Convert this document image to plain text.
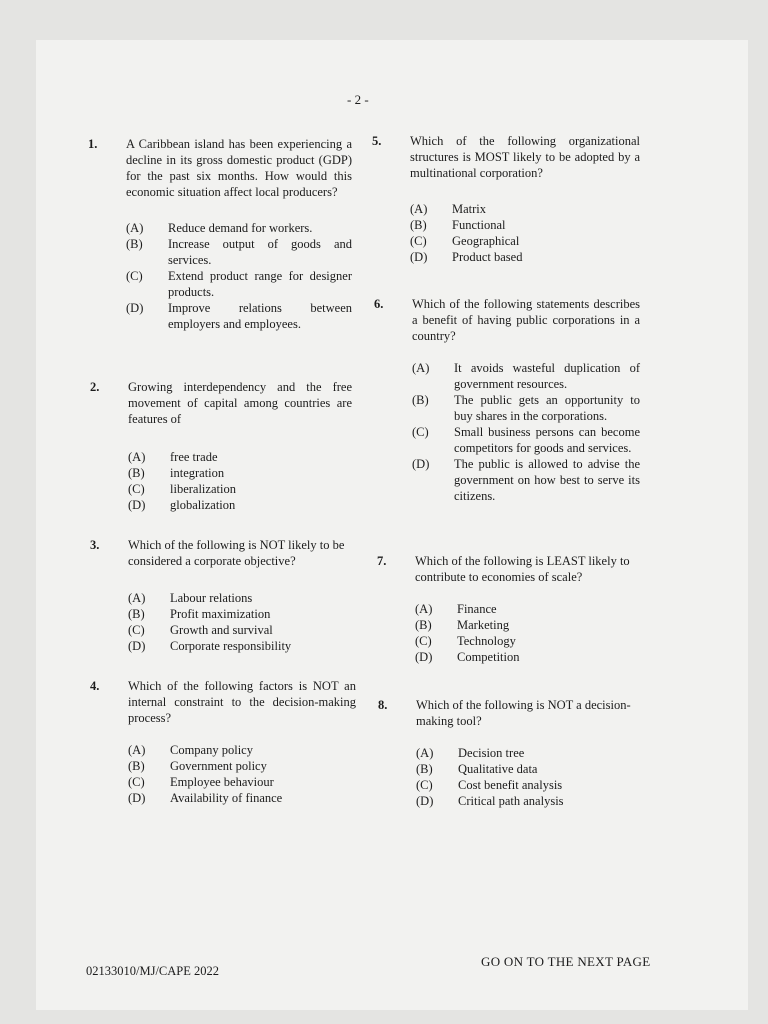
- 2 -
1. A Caribbean island has been experiencing a decline in its gross domestic product (GDP) for the past six months. How would this economic situation affect local producers?
(A)	Reduce demand for workers.
(B)	Increase output of goods and services.
(C)	Extend product range for designer products.
(D)	Improve relations between employers and employees.
2. Growing interdependency and the free movement of capital among countries are features of
(A)	free trade
(B)	integration
(C)	liberalization
(D)	globalization
3. Which of the following is NOT likely to be considered a corporate objective?
(A)	Labour relations
(B)	Profit maximization
(C)	Growth and survival
(D)	Corporate responsibility
4. Which of the following factors is NOT an internal constraint to the decision-making process?
(A)	Company policy
(B)	Government policy
(C)	Employee behaviour
(D)	Availability of finance
5. Which of the following organizational structures is MOST likely to be adopted by a multinational corporation?
(A)	Matrix
(B)	Functional
(C)	Geographical
(D)	Product based
6. Which of the following statements describes a benefit of having public corporations in a country?
(A)	It avoids wasteful duplication of government resources.
(B)	The public gets an opportunity to buy shares in the corporations.
(C)	Small business persons can become competitors for goods and services.
(D)	The public is allowed to advise the government on how best to serve its citizens.
7. Which of the following is LEAST likely to contribute to economies of scale?
(A)	Finance
(B)	Marketing
(C)	Technology
(D)	Competition
8. Which of the following is NOT a decision-making tool?
(A)	Decision tree
(B)	Qualitative data
(C)	Cost benefit analysis
(D)	Critical path analysis
GO ON TO THE NEXT PAGE
02133010/MJ/CAPE 2022
